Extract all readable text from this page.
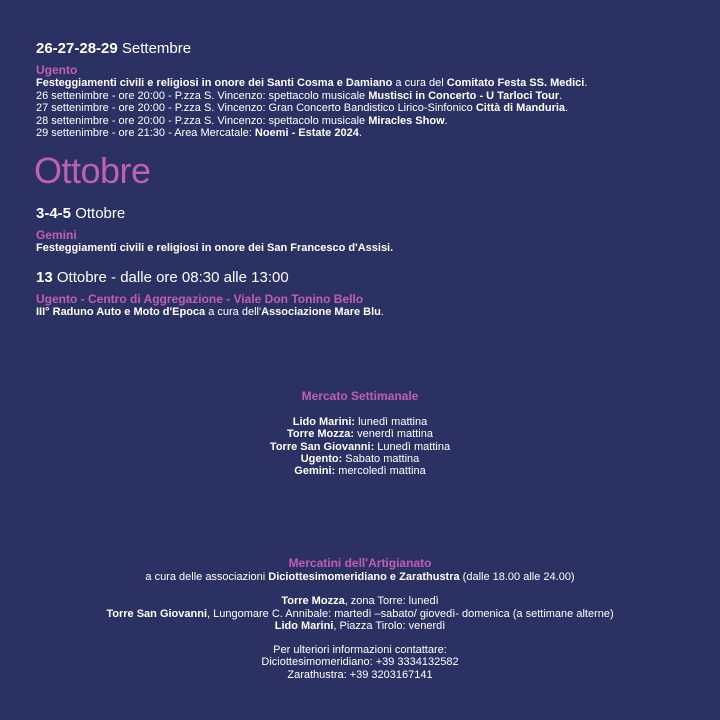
26-27-28-29 Settembre
Ugento
Festeggiamenti civili e religiosi in onore dei Santi Cosma e Damiano a cura del Comitato Festa SS. Medici.
26 settenimbre - ore 20:00 - P.zza S. Vincenzo: spettacolo musicale Mustisci in Concerto - U Tarloci Tour.
27 settenimbre - ore 20:00 - P.zza S. Vincenzo: Gran Concerto Bandistico Lirico-Sinfonico Città di Manduria.
28 settenimbre - ore 20:00 - P.zza S. Vincenzo: spettacolo musicale Miracles Show.
29 settenimbre - ore 21:30 - Area Mercatale: Noemi - Estate 2024.
Ottobre
3-4-5 Ottobre
Gemini
Festeggiamenti civili e religiosi in onore dei San Francesco d'Assisi.
13 Ottobre - dalle ore 08:30 alle 13:00
Ugento - Centro di Aggregazione - Viale Don Tonino Bello
III° Raduno Auto e Moto d'Epoca a cura dell'Associazione Mare Blu.
Mercato Settimanale
Lido Marini: lunedì mattina
Torre Mozza: venerdì mattina
Torre San Giovanni: Lunedì mattina
Ugento: Sabato mattina
Gemini: mercoledì mattina
Mercatini dell'Artigianato
a cura delle associazioni Diciottesimomeridiano e Zarathustra (dalle 18.00 alle 24.00)
Torre Mozza, zona Torre: lunedì
Torre San Giovanni, Lungomare C. Annibale: martedì –sabato/ giovedì- domenica (a settimane alterne)
Lido Marini, Piazza Tirolo: venerdì
Per ulteriori informazioni contattare:
Diciottesimomeridiano: +39 3334132582
Zarathustra: +39 3203167141
